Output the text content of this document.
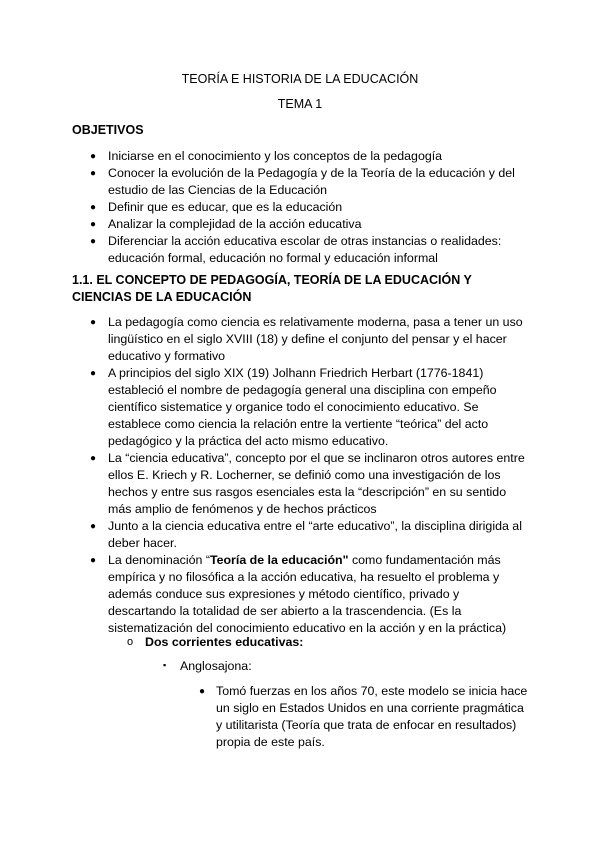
TEORÍA E HISTORIA DE LA EDUCACIÓN
TEMA 1
OBJETIVOS
● Iniciarse en el conocimiento y los conceptos de la pedagogía
● Conocer la evolución de la Pedagogía y de la Teoría de la educación y del estudio de las Ciencias de la Educación
● Definir que es educar, que es la educación
● Analizar la complejidad de la acción educativa
● Diferenciar la acción educativa escolar de otras instancias o realidades: educación formal, educación no formal y educación informal
1.1. EL CONCEPTO DE PEDAGOGÍA, TEORÍA DE LA EDUCACIÓN Y CIENCIAS DE LA EDUCACIÓN
● La pedagogía como ciencia es relativamente moderna, pasa a tener un uso lingüístico en el siglo XVIII (18) y define el conjunto del pensar y el hacer educativo y formativo
● A principios del siglo XIX (19) Jolhann Friedrich Herbart (1776-1841) estableció el nombre de pedagogía general una disciplina con empeño científico sistematice y organice todo el conocimiento educativo. Se establece como ciencia la relación entre la vertiente “teórica” del acto pedagógico y la práctica del acto mismo educativo.
● La “ciencia educativa”, concepto por el que se inclinaron otros autores entre ellos E. Kriech y R. Locherner, se definió como una investigación de los hechos y entre sus rasgos esenciales esta la “descripción” en su sentido más amplio de fenómenos y de hechos prácticos
● Junto a la ciencia educativa entre el “arte educativo”, la disciplina dirigida al deber hacer.
● La denominación “Teoría de la educación" como fundamentación más empírica y no filosófica a la acción educativa, ha resuelto el problema y además conduce sus expresiones y método científico, privado y descartando la totalidad de ser abierto a la trascendencia. (Es la sistematización del conocimiento educativo en la acción y en la práctica)
o Dos corrientes educativas:
▪ Anglosajona:
● Tomó fuerzas en los años 70, este modelo se inicia hace un siglo en Estados Unidos en una corriente pragmática y utilitarista (Teoría que trata de enfocar en resultados) propia de este país.
